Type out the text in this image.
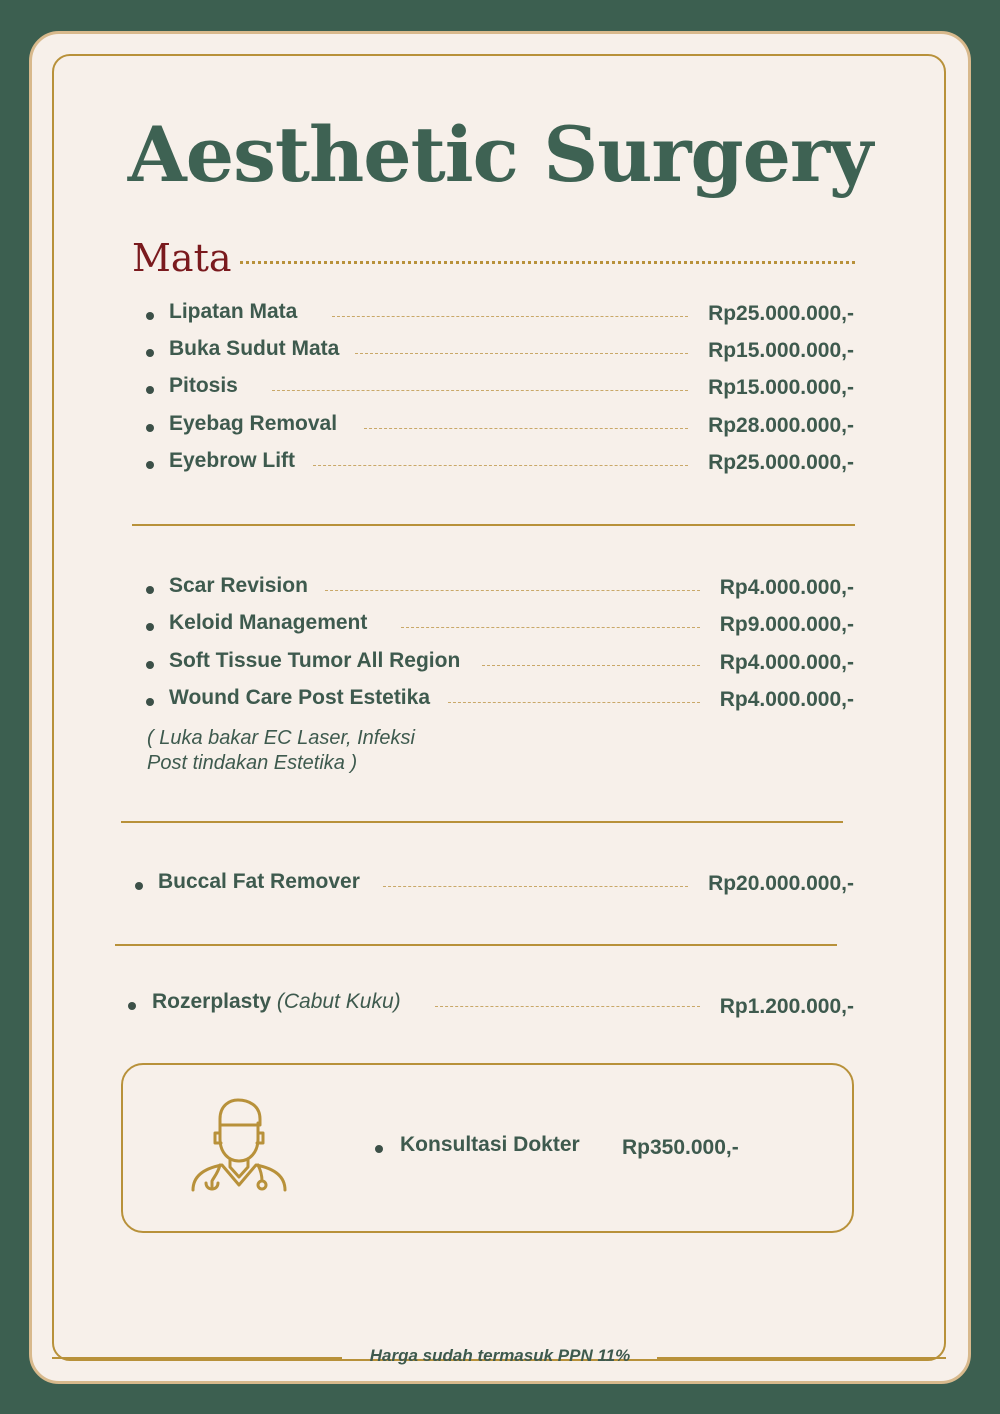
Aesthetic Surgery
Mata
Lipatan Mata	Rp25.000.000,-
Buka Sudut Mata	Rp15.000.000,-
Pitosis	Rp15.000.000,-
Eyebag Removal	Rp28.000.000,-
Eyebrow Lift	Rp25.000.000,-
Scar Revision	Rp4.000.000,-
Keloid Management	Rp9.000.000,-
Soft Tissue Tumor All Region	Rp4.000.000,-
Wound Care Post Estetika	Rp4.000.000,-
( Luka bakar EC Laser, Infeksi
Post tindakan Estetika )
Buccal Fat Remover	Rp20.000.000,-
Rozerplasty (Cabut Kuku)	Rp1.200.000,-
Konsultasi Dokter Rp350.000,-
Harga sudah termasuk PPN 11%
